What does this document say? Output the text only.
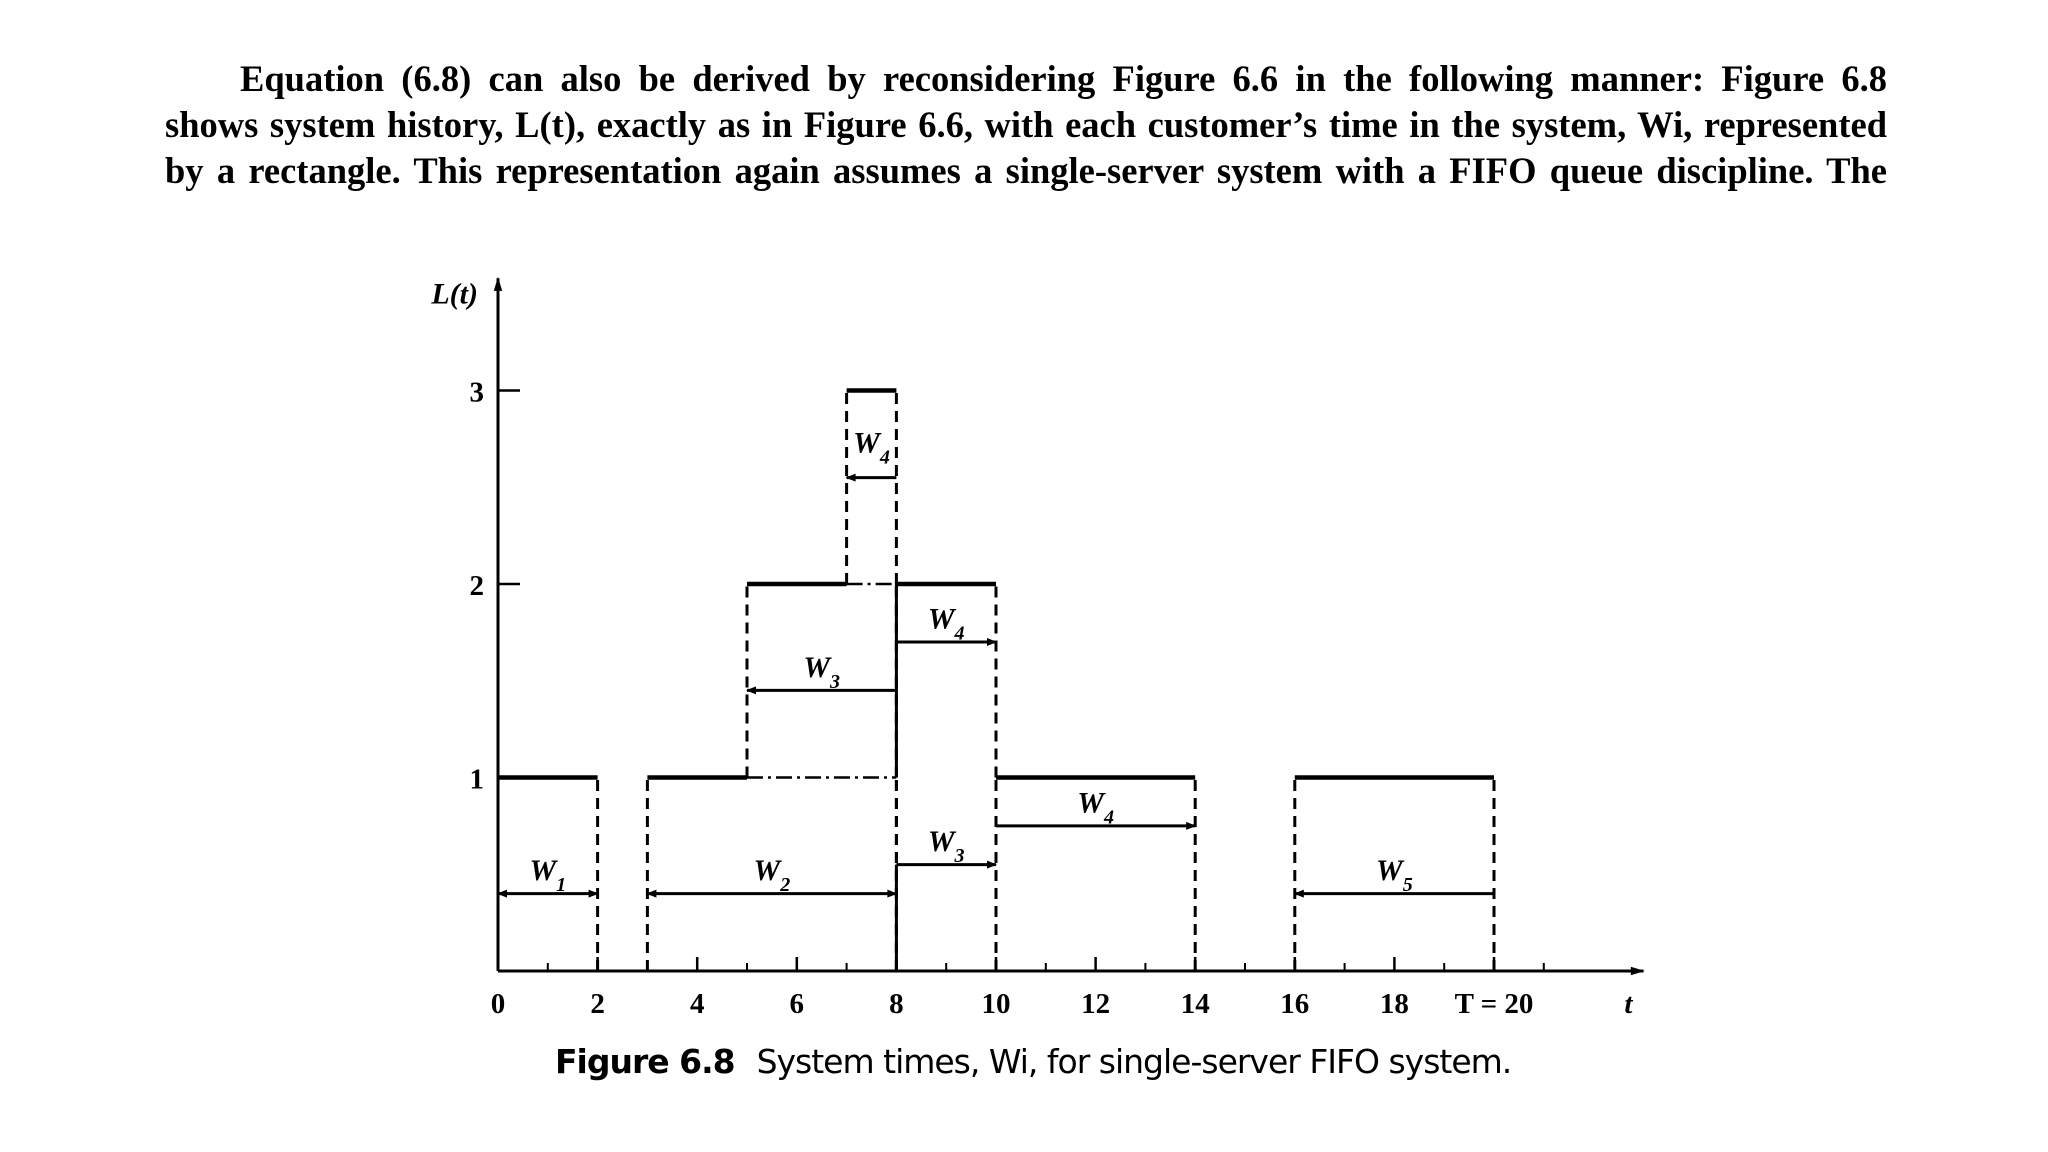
Equation (6.8) can also be derived by reconsidering Figure 6.6 in the following manner: Figure 6.8
shows system history, L(t), exactly as in Figure 6.6, with each customer’s time in the system, Wi, represented
by a rectangle. This representation again assumes a single-server system with a FIFO queue discipline. The
0	2	4	6	8	10 12 14 16 18 T = 20
1
2
3
L(t)
t
$W_1$	$W_2$
$W_3$
$W_3$
$W_4$
$W_4$
$W_4$
$W_5$
Figure 6.8 System times, Wi, for single-server FIFO system.
